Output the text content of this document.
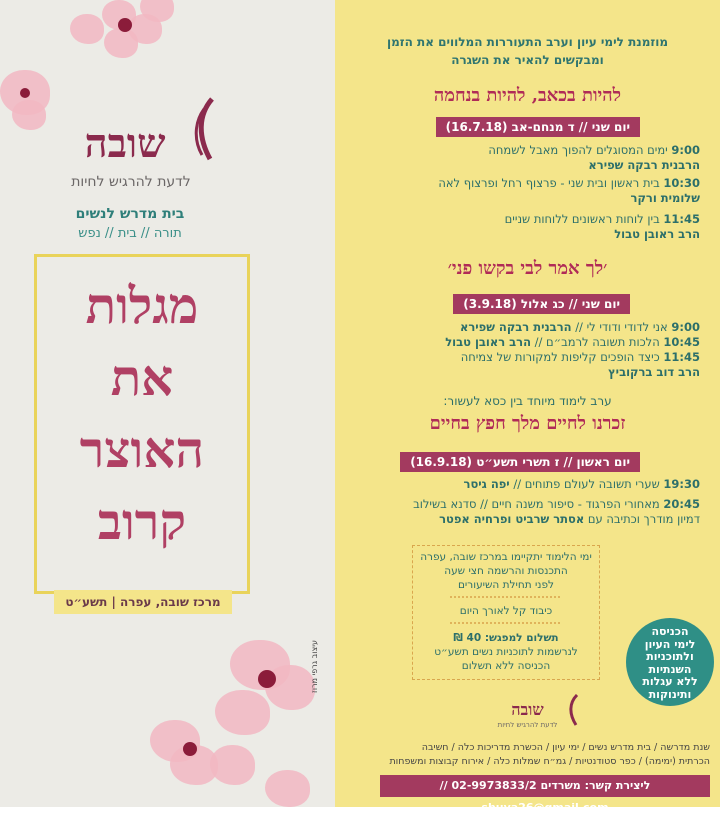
שובה
לדעת להרגיש לחיות
בית מדרש לנשים
תורה // בית // נפש
מגלות
את
האוצר
קרוב
מרכז שובה, עפרה | תשע״ט
עיצוב גרפי מרוז
מוזמנת לימי עיון וערב התעוררות המלווים את הזמן
ומבקשים להאיר את השגרה
להיות בכאב, להיות בנחמה
יום שני // ד מנחם-אב (16.7.18)
9:00 ימים המסוגלים להפוך מאבל לשמחה
הרבנית רבקה שפירא
10:30 בית ראשון ובית שני - פרצוף רחל ופרצוף לאה
שלומית ורקר
11:45 בין לוחות ראשונים ללוחות שניים
הרב ראובן טבול
׳לך אמר לבי בקשו פני׳
יום שני // כג אלול (3.9.18)
9:00 אני לדודי ודודי לי // הרבנית רבקה שפירא
10:45 הלכות תשובה לרמב״ם // הרב ראובן טבול
11:45 כיצד הופכים קליפות למקורות של צמיחה
הרב דוב ברקוביץ
ערב לימוד מיוחד בין כסא לעשור:
זכרנו לחיים מלך חפץ בחיים
יום ראשון // ז תשרי תשע״ט (16.9.18)
19:30 שערי תשובה לעולם פתוחים // יפה גיסר
20:45 מאחורי הפרגוד - סיפור משנה חיים // סדנא בשילוב
דמיון מודרך וכתיבה עם אסתר שרביט ופרחיה אפטר
ימי הלימוד יתקיימו במרכז שובה, עפרה
התכנסות והרשמה חצי שעה
לפני תחילת השיעורים
כיבוד קל לאורך היום
תשלום למפגש: 40 ₪
לנרשמות לתוכניות נשים תשע״ט
הכניסה ללא תשלום
הכניסה
לימי העיון
ולתוכניות
השנתיות
ללא עגלות
ותינוקות
שובה
לדעת להרגיש לחיות
שנת מדרשה / בית מדרש נשים / ימי עיון / הכשרת מדריכות כלה / חשיבה
הכרתית (ימימה) / כפר סטודנטיות / גמ״ח שמלות כלה / אירוח קבוצות ומשפחות
ליצירת קשר: משרדים 02-9973833/2 // shuva26@gmail.com
